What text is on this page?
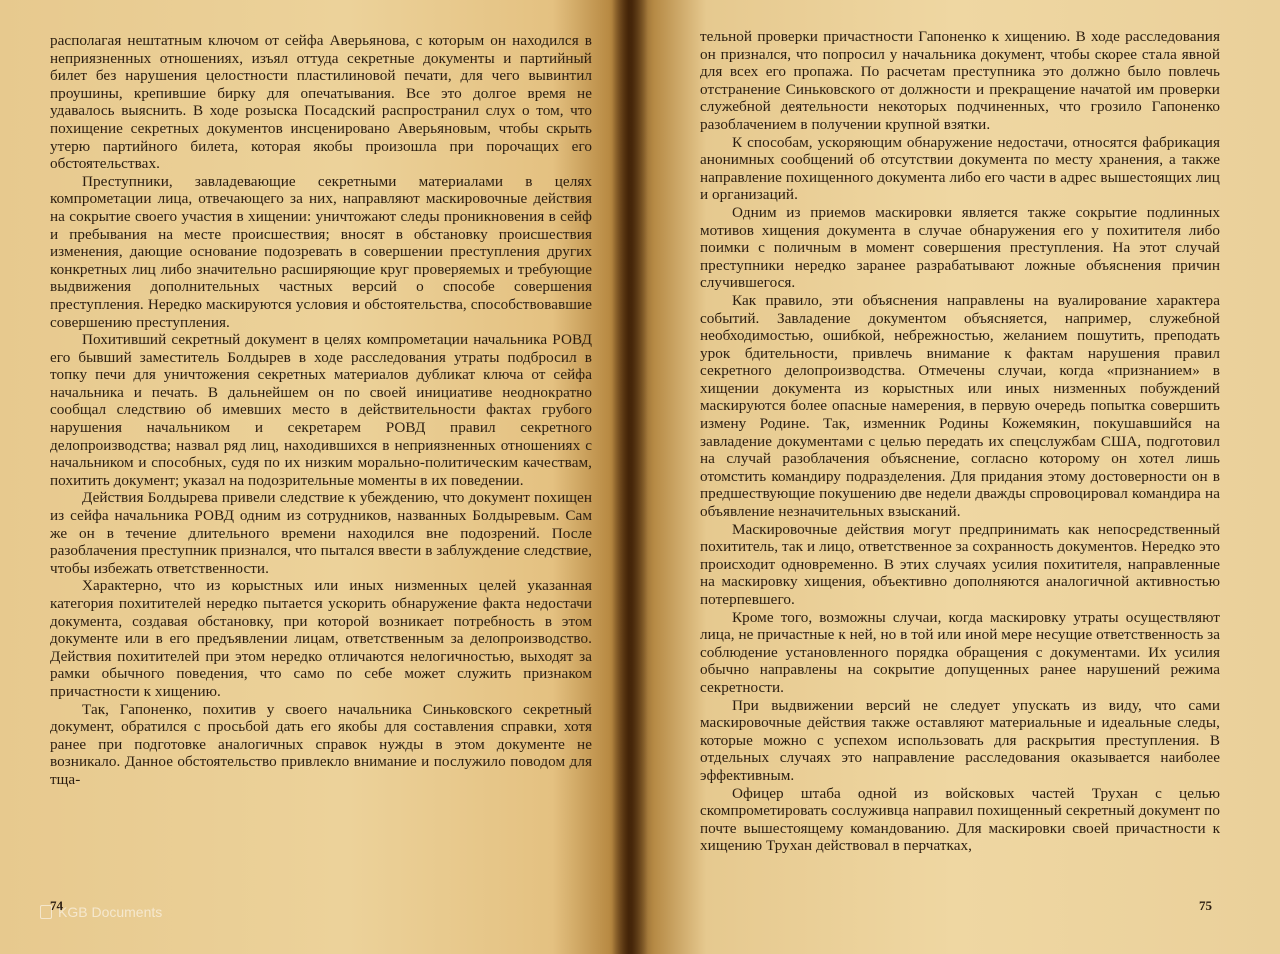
располагая нештатным ключом от сейфа Аверьянова, с которым он находился в неприязненных отношениях, изъял оттуда секретные документы и партийный билет без нарушения целостности пластилиновой печати, для чего вывинтил проушины, крепившие бирку для опечатывания. Все это долгое время не удавалось выяснить. В ходе розыска Посадский распространил слух о том, что похищение секретных документов инсценировано Аверьяновым, чтобы скрыть утерю партийного билета, которая якобы произошла при порочащих его обстоятельствах.

Преступники, завладевающие секретными материалами в целях компрометации лица, отвечающего за них, направляют маскировочные действия на сокрытие своего участия в хищении: уничтожают следы проникновения в сейф и пребывания на месте происшествия; вносят в обстановку происшествия изменения, дающие основание подозревать в совершении преступления других конкретных лиц либо значительно расширяющие круг проверяемых и требующие выдвижения дополнительных частных версий о способе совершения преступления. Нередко маскируются условия и обстоятельства, способствовавшие совершению преступления.

Похитивший секретный документ в целях компрометации начальника РОВД его бывший заместитель Болдырев в ходе расследования утраты подбросил в топку печи для уничтожения секретных материалов дубликат ключа от сейфа начальника и печать. В дальнейшем он по своей инициативе неоднократно сообщал следствию об имевших место в действительности фактах грубого нарушения начальником и секретарем РОВД правил секретного делопроизводства; назвал ряд лиц, находившихся в неприязненных отношениях с начальником и способных, судя по их низким морально-политическим качествам, похитить документ; указал на подозрительные моменты в их поведении.

Действия Болдырева привели следствие к убеждению, что документ похищен из сейфа начальника РОВД одним из сотрудников, названных Болдыревым. Сам же он в течение длительного времени находился вне подозрений. После разоблачения преступник признался, что пытался ввести в заблуждение следствие, чтобы избежать ответственности.

Характерно, что из корыстных или иных низменных целей указанная категория похитителей нередко пытается ускорить обнаружение факта недостачи документа, создавая обстановку, при которой возникает потребность в этом документе или в его предъявлении лицам, ответственным за делопроизводство. Действия похитителей при этом нередко отличаются нелогичностью, выходят за рамки обычного поведения, что само по себе может служить признаком причастности к хищению.

Так, Гапоненко, похитив у своего начальника Синьковского секретный документ, обратился с просьбой дать его якобы для составления справки, хотя ранее при подготовке аналогичных справок нужды в этом документе не возникало. Данное обстоятельство привлекло внимание и послужило поводом для тща-

74

тельной проверки причастности Гапоненко к хищению. В ходе расследования он признался, что попросил у начальника документ, чтобы скорее стала явной для всех его пропажа. По расчетам преступника это должно было повлечь отстранение Синьковского от должности и прекращение начатой им проверки служебной деятельности некоторых подчиненных, что грозило Гапоненко разоблачением в получении крупной взятки.

К способам, ускоряющим обнаружение недостачи, относятся фабрикация анонимных сообщений об отсутствии документа по месту хранения, а также направление похищенного документа либо его части в адрес вышестоящих лиц и организаций.

Одним из приемов маскировки является также сокрытие подлинных мотивов хищения документа в случае обнаружения его у похитителя либо поимки с поличным в момент совершения преступления. На этот случай преступники нередко заранее разрабатывают ложные объяснения причин случившегося.

Как правило, эти объяснения направлены на вуалирование характера событий. Завладение документом объясняется, например, служебной необходимостью, ошибкой, небрежностью, желанием пошутить, преподать урок бдительности, привлечь внимание к фактам нарушения правил секретного делопроизводства. Отмечены случаи, когда «признанием» в хищении документа из корыстных или иных низменных побуждений маскируются более опасные намерения, в первую очередь попытка совершить измену Родине. Так, изменник Родины Кожемякин, покушавшийся на завладение документами с целью передать их спецслужбам США, подготовил на случай разоблачения объяснение, согласно которому он хотел лишь отомстить командиру подразделения. Для придания этому достоверности он в предшествующие покушению две недели дважды спровоцировал командира на объявление незначительных взысканий.

Маскировочные действия могут предпринимать как непосредственный похититель, так и лицо, ответственное за сохранность документов. Нередко это происходит одновременно. В этих случаях усилия похитителя, направленные на маскировку хищения, объективно дополняются аналогичной активностью потерпевшего.

Кроме того, возможны случаи, когда маскировку утраты осуществляют лица, не причастные к ней, но в той или иной мере несущие ответственность за соблюдение установленного порядка обращения с документами. Их усилия обычно направлены на сокрытие допущенных ранее нарушений режима секретности.

При выдвижении версий не следует упускать из виду, что сами маскировочные действия также оставляют материальные и идеальные следы, которые можно с успехом использовать для раскрытия преступления. В отдельных случаях это направление расследования оказывается наиболее эффективным.

Офицер штаба одной из войсковых частей Трухан с целью скомпрометировать сослуживца направил похищенный секретный документ по почте вышестоящему командованию. Для маскировки своей причастности к хищению Трухан действовал в перчатках,

75
KGB Documents
